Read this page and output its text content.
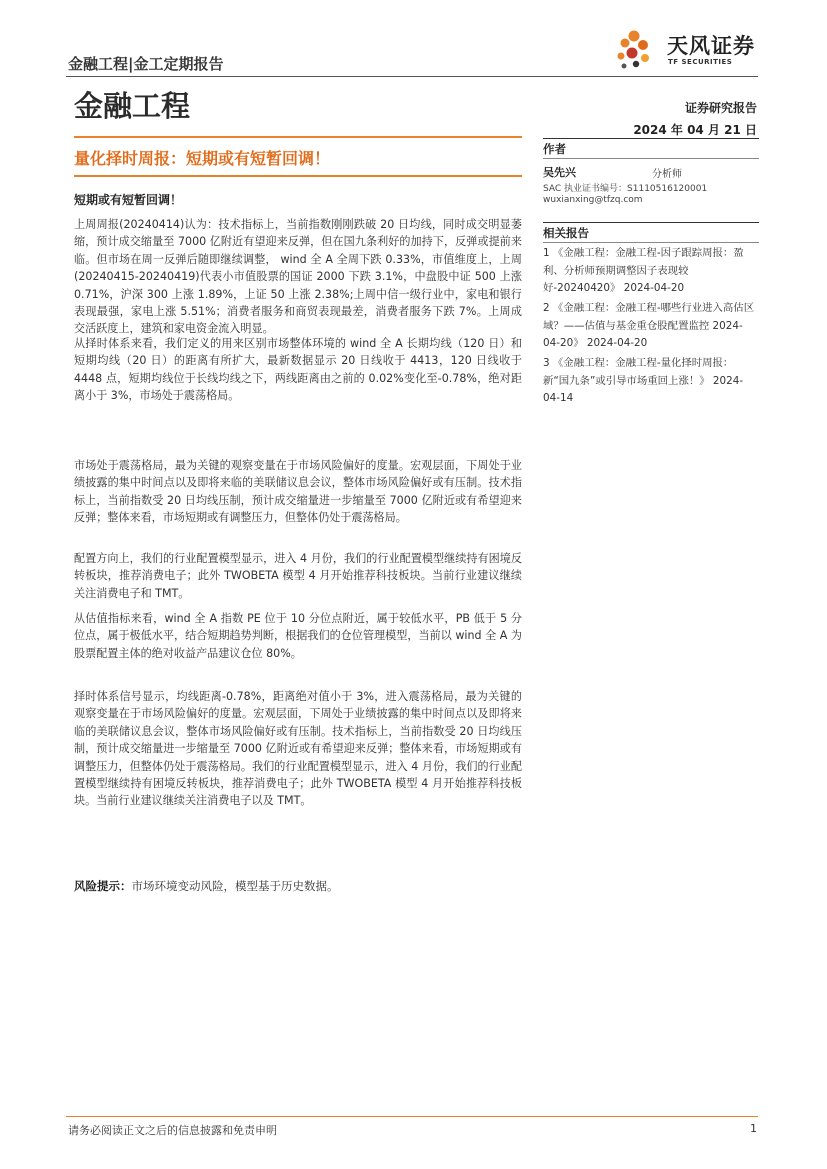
金融工程|金工定期报告
金融工程
天风证券
TF SECURITIES
证券研究报告
2024 年 04 月 21 日
量化择时周报：短期或有短暂回调！
短期或有短暂回调！
上周周报(20240414)认为：技术指标上，当前指数刚刚跌破 20 日均线，同时成交明显萎缩，预计成交缩量至 7000 亿附近有望迎来反弹，但在国九条利好的加持下，反弹或提前来临。但市场在周一反弹后随即继续调整， wind 全 A 全周下跌 0.33%，市值维度上，上周(20240415-20240419)代表小市值股票的国证 2000 下跌 3.1%，中盘股中证 500 上涨 0.71%，沪深 300 上涨 1.89%，上证 50 上涨 2.38%;上周中信一级行业中，家电和银行表现最强，家电上涨 5.51%；消费者服务和商贸表现最差，消费者服务下跌 7%。上周成交活跃度上，建筑和家电资金流入明显。
从择时体系来看，我们定义的用来区别市场整体环境的 wind 全 A 长期均线（120 日）和短期均线（20 日）的距离有所扩大，最新数据显示 20 日线收于 4413，120 日线收于 4448 点，短期均线位于长线均线之下，两线距离由之前的 0.02%变化至-0.78%，绝对距离小于 3%，市场处于震荡格局。
市场处于震荡格局，最为关键的观察变量在于市场风险偏好的度量。宏观层面，下周处于业绩披露的集中时间点以及即将来临的美联储议息会议，整体市场风险偏好或有压制。技术指标上，当前指数受 20 日均线压制，预计成交缩量进一步缩量至 7000 亿附近或有希望迎来反弹；整体来看，市场短期或有调整压力，但整体仍处于震荡格局。
配置方向上，我们的行业配置模型显示，进入 4 月份，我们的行业配置模型继续持有困境反转板块，推荐消费电子；此外 TWOBETA 模型 4 月开始推荐科技板块。当前行业建议继续关注消费电子和 TMT。
从估值指标来看，wind 全 A 指数 PE 位于 10 分位点附近，属于较低水平，PB 低于 5 分位点，属于极低水平，结合短期趋势判断，根据我们的仓位管理模型，当前以 wind 全 A 为股票配置主体的绝对收益产品建议仓位 80%。
择时体系信号显示，均线距离-0.78%，距离绝对值小于 3%，进入震荡格局，最为关键的观察变量在于市场风险偏好的度量。宏观层面，下周处于业绩披露的集中时间点以及即将来临的美联储议息会议，整体市场风险偏好或有压制。技术指标上，当前指数受 20 日均线压制，预计成交缩量进一步缩量至 7000 亿附近或有希望迎来反弹；整体来看，市场短期或有调整压力，但整体仍处于震荡格局。我们的行业配置模型显示，进入 4 月份，我们的行业配置模型继续持有困境反转板块，推荐消费电子；此外 TWOBETA 模型 4 月开始推荐科技板块。当前行业建议继续关注消费电子以及 TMT。
风险提示：市场环境变动风险，模型基于历史数据。
作者
吴先兴	分析师
SAC 执业证书编号：S1110516120001
wuxianxing@tfzq.com
相关报告
1 《金融工程：金融工程-因子跟踪周报：盈利、分析师预期调整因子表现较好-20240420》 2024-04-20
2 《金融工程：金融工程-哪些行业进入高估区域？——估值与基金重仓股配置监控 2024-04-20》 2024-04-20
3 《金融工程：金融工程-量化择时周报：新“国九条”或引导市场重回上涨！》 2024-04-14
请务必阅读正文之后的信息披露和免责申明	1
